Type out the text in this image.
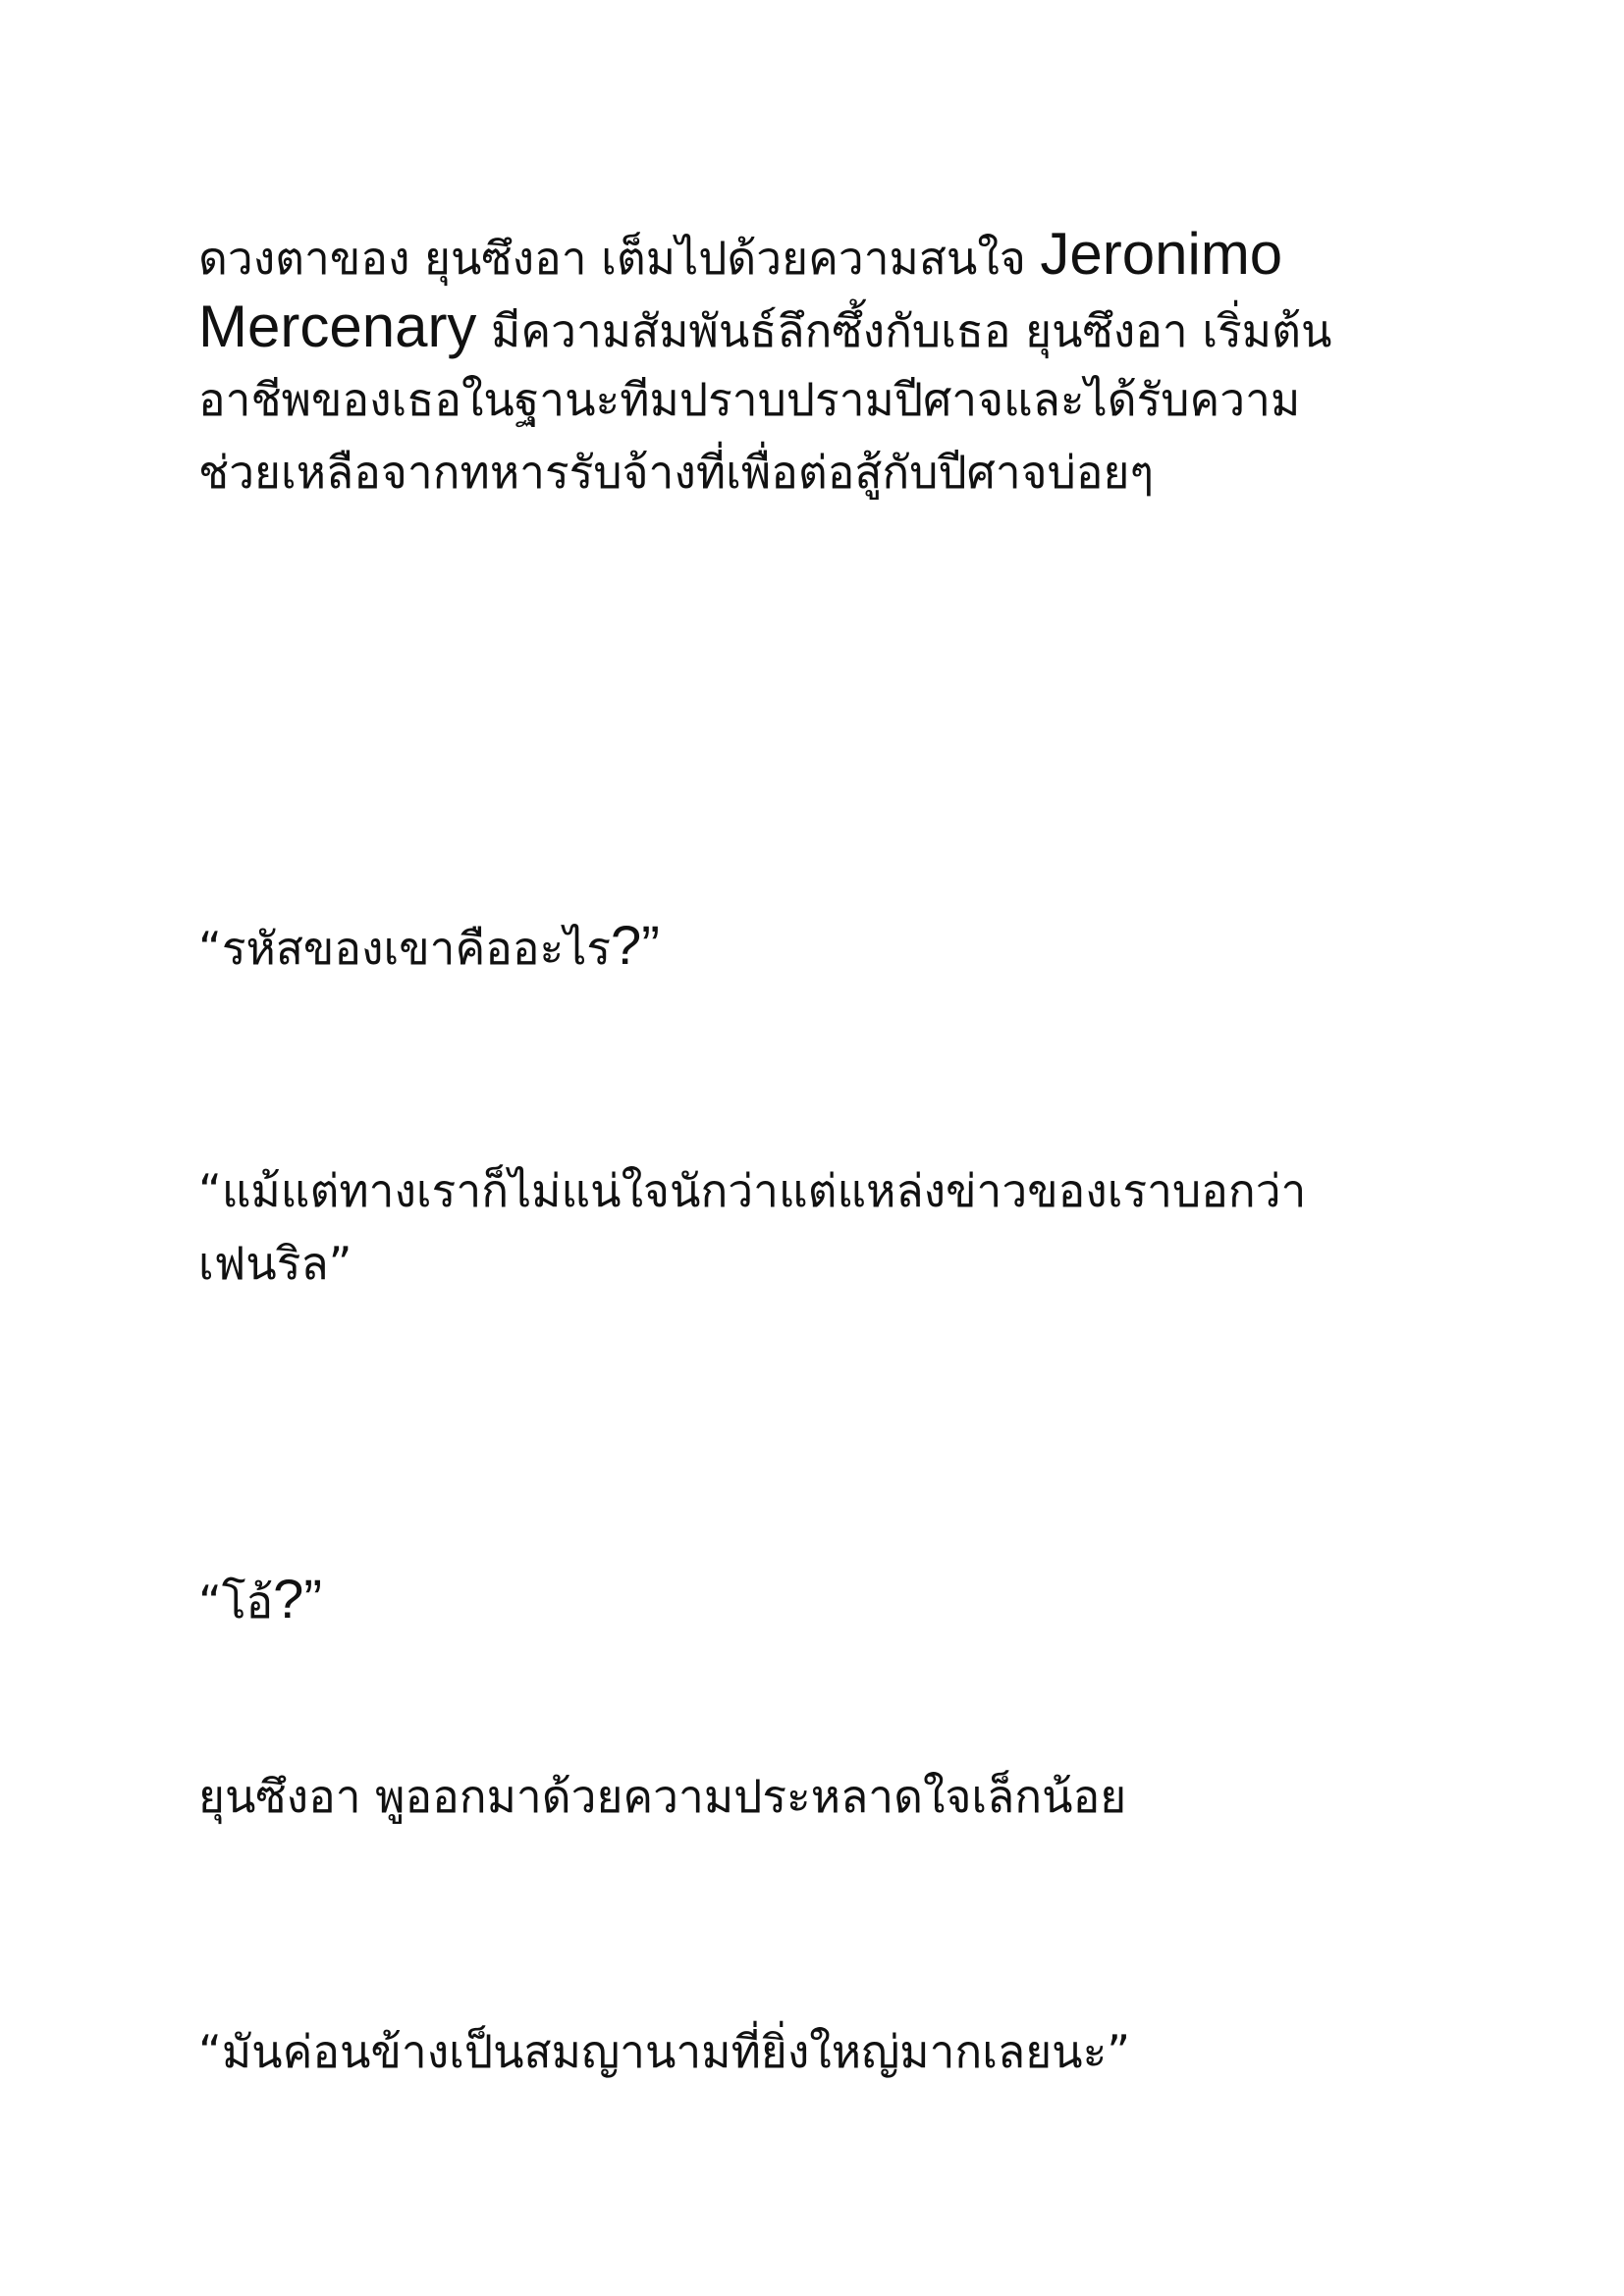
ดวงตาของ ยุนซึงอา เต็มไปด้วยความสนใจ Jeronimo
Mercenary มีความสัมพันธ์ลึกซึ้งกับเธอ ยุนซึงอา เริ่มต้น
อาชีพของเธอในฐานะทีมปราบปรามปีศาจและได้รับความ
ช่วยเหลือจากทหารรับจ้างที่เพื่อต่อสู้กับปีศาจบ่อยๆ

“รหัสของเขาคืออะไร?”

“แม้แต่ทางเราก็ไม่แน่ใจนักว่าแต่แหล่งข่าวของเราบอกว่า
เฟนริล”

“โอ้?”

ยุนซึงอา พูออกมาด้วยความประหลาดใจเล็กน้อย

“มันค่อนข้างเป็นสมญานามที่ยิ่งใหญ่มากเลยนะ”
